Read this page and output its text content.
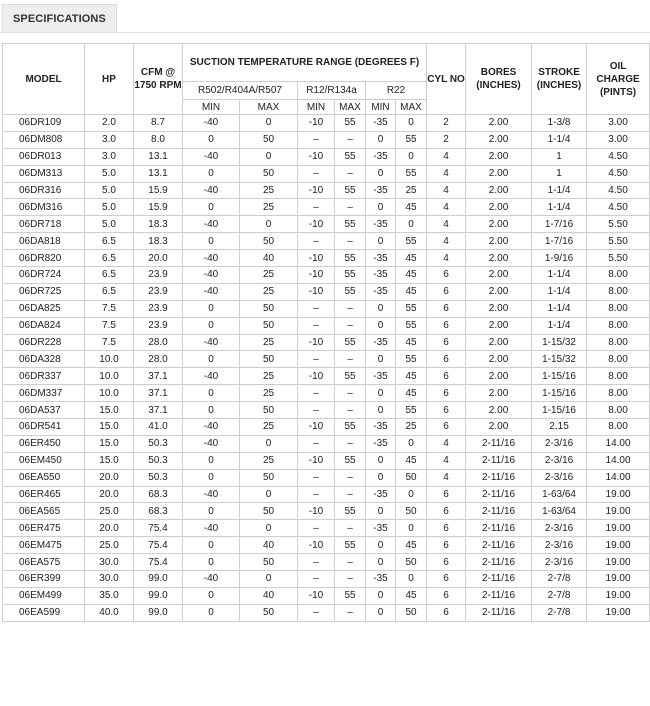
SPECIFICATIONS
MODEL	HP	CFM @ 1750 RPM	SUCTION TEMPERATURE RANGE (DEGREES F)						CYL NO	BORES (INCHES)	STROKE (INCHES)	OIL CHARGE (PINTS)
			R502/R404A/R507		R12/R134a		R22					
			MIN	MAX	MIN	MAX	MIN	MAX				
06DR109	2.0	8.7	-40	0	-10	55	-35	0	2	2.00	1-3/8	3.00
06DM808	3.0	8.0	0	50	–	–	0	55	2	2.00	1-1/4	3.00
06DR013	3.0	13.1	-40	0	-10	55	-35	0	4	2.00	1	4.50
06DM313	5.0	13.1	0	50	–	–	0	55	4	2.00	1	4.50
06DR316	5.0	15.9	-40	25	-10	55	-35	25	4	2.00	1-1/4	4.50
06DM316	5.0	15.9	0	25	–	–	0	45	4	2.00	1-1/4	4.50
06DR718	5.0	18.3	-40	0	-10	55	-35	0	4	2.00	1-7/16	5.50
06DA818	6.5	18.3	0	50	–	–	0	55	4	2.00	1-7/16	5.50
06DR820	6.5	20.0	-40	40	-10	55	-35	45	4	2.00	1-9/16	5.50
06DR724	6.5	23.9	-40	25	-10	55	-35	45	6	2.00	1-1/4	8.00
06DR725	6.5	23.9	-40	25	-10	55	-35	45	6	2.00	1-1/4	8.00
06DA825	7.5	23.9	0	50	–	–	0	55	6	2.00	1-1/4	8.00
06DA824	7.5	23.9	0	50	–	–	0	55	6	2.00	1-1/4	8.00
06DR228	7.5	28.0	-40	25	-10	55	-35	45	6	2.00	1-15/32	8.00
06DA328	10.0	28.0	0	50	–	–	0	55	6	2.00	1-15/32	8.00
06DR337	10.0	37.1	-40	25	-10	55	-35	45	6	2.00	1-15/16	8.00
06DM337	10.0	37.1	0	25	–	–	0	45	6	2.00	1-15/16	8.00
06DA537	15.0	37.1	0	50	–	–	0	55	6	2.00	1-15/16	8.00
06DR541	15.0	41.0	-40	25	-10	55	-35	25	6	2.00	2.15	8.00
06ER450	15.0	50.3	-40	0	–	–	-35	0	4	2-11/16	2-3/16	14.00
06EM450	15.0	50.3	0	25	-10	55	0	45	4	2-11/16	2-3/16	14.00
06EA550	20.0	50.3	0	50	–	–	0	50	4	2-11/16	2-3/16	14.00
06ER465	20.0	68.3	-40	0	–	–	-35	0	6	2-11/16	1-63/64	19.00
06EA565	25.0	68.3	0	50	-10	55	0	50	6	2-11/16	1-63/64	19.00
06ER475	20.0	75.4	-40	0	–	–	-35	0	6	2-11/16	2-3/16	19.00
06EM475	25.0	75.4	0	40	-10	55	0	45	6	2-11/16	2-3/16	19.00
06EA575	30.0	75.4	0	50	–	–	0	50	6	2-11/16	2-3/16	19.00
06ER399	30.0	99.0	-40	0	–	–	-35	0	6	2-11/16	2-7/8	19.00
06EM499	35.0	99.0	0	40	-10	55	0	45	6	2-11/16	2-7/8	19.00
06EA599	40.0	99.0	0	50	–	–	0	50	6	2-11/16	2-7/8	19.00
